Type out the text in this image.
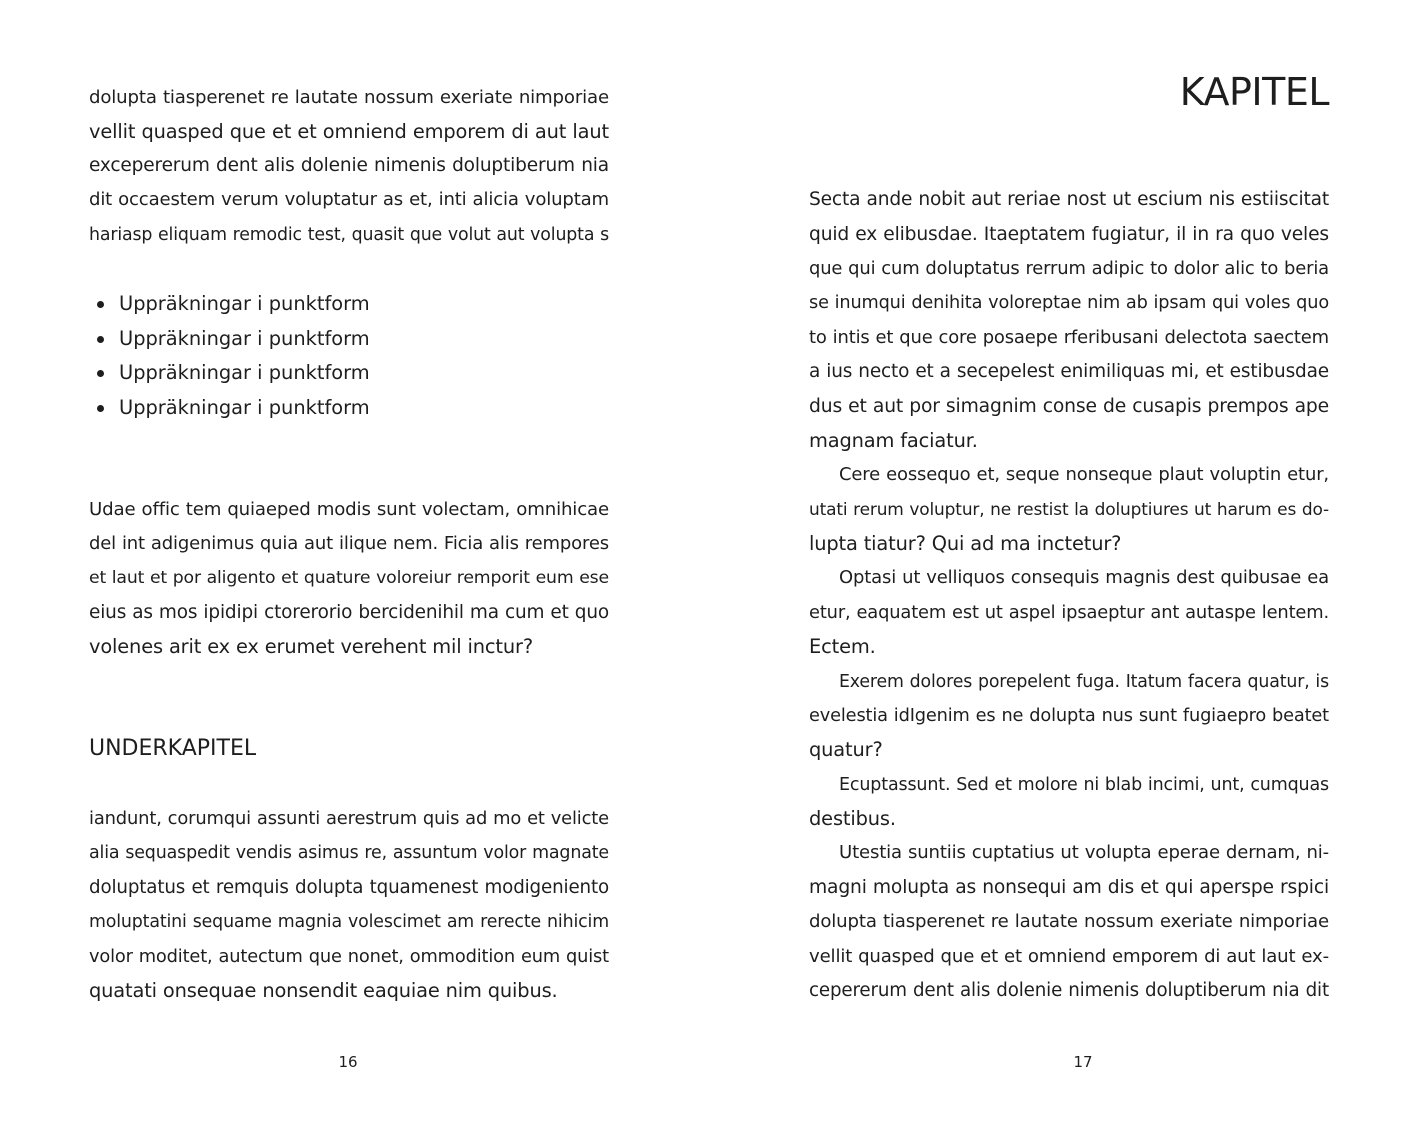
dolupta tiasperenet re lautate nossum exeriate nimporiae
vellit quasped que et et omniend emporem di aut laut
excepererum dent alis dolenie nimenis doluptiberum nia
dit occaestem verum voluptatur as et, inti alicia voluptam
hariasp eliquam remodic test, quasit que volut aut volupta s
Uppräkningar i punktform
Uppräkningar i punktform
Uppräkningar i punktform
Uppräkningar i punktform
Udae offic tem quiaeped modis sunt volectam, omnihicae
del int adigenimus quia aut ilique nem. Ficia alis rempores
et laut et por aligento et quature voloreiur remporit eum ese
eius as mos ipidipi ctorerorio bercidenihil ma cum et quo
volenes arit ex ex erumet verehent mil inctur?
UNDERKAPITEL
iandunt, corumqui assunti aerestrum quis ad mo et velicte
alia sequaspedit vendis asimus re, assuntum volor magnate
doluptatus et remquis dolupta tquamenest modigeniento
moluptatini sequame magnia volescimet am rerecte nihicim
volor moditet, autectum que nonet, ommodition eum quist
quatati onsequae nonsendit eaquiae nim quibus.
16
KAPITEL
Secta ande nobit aut reriae nost ut escium nis estiiscitat
quid ex elibusdae. Itaeptatem fugiatur, il in ra quo veles
que qui cum doluptatus rerrum adipic to dolor alic to beria
se inumqui denihita voloreptae nim ab ipsam qui voles quo
to intis et que core posaepe rferibusani delectota saectem
a ius necto et a secepelest enimiliquas mi, et estibusdae
dus et aut por simagnim conse de cusapis prempos ape
magnam faciatur.
Cere eossequo et, seque nonseque plaut voluptin etur,
utati rerum voluptur, ne restist la doluptiures ut harum es do-
lupta tiatur? Qui ad ma inctetur?
Optasi ut velliquos consequis magnis dest quibusae ea
etur, eaquatem est ut aspel ipsaeptur ant autaspe lentem.
Ectem.
Exerem dolores porepelent fuga. Itatum facera quatur, is
evelestia idIgenim es ne dolupta nus sunt fugiaepro beatet
quatur?
Ecuptassunt. Sed et molore ni blab incimi, unt, cumquas
destibus.
Utestia suntiis cuptatius ut volupta eperae dernam, ni-
magni molupta as nonsequi am dis et qui aperspe rspici
dolupta tiasperenet re lautate nossum exeriate nimporiae
vellit quasped que et et omniend emporem di aut laut ex-
cepererum dent alis dolenie nimenis doluptiberum nia dit
17
